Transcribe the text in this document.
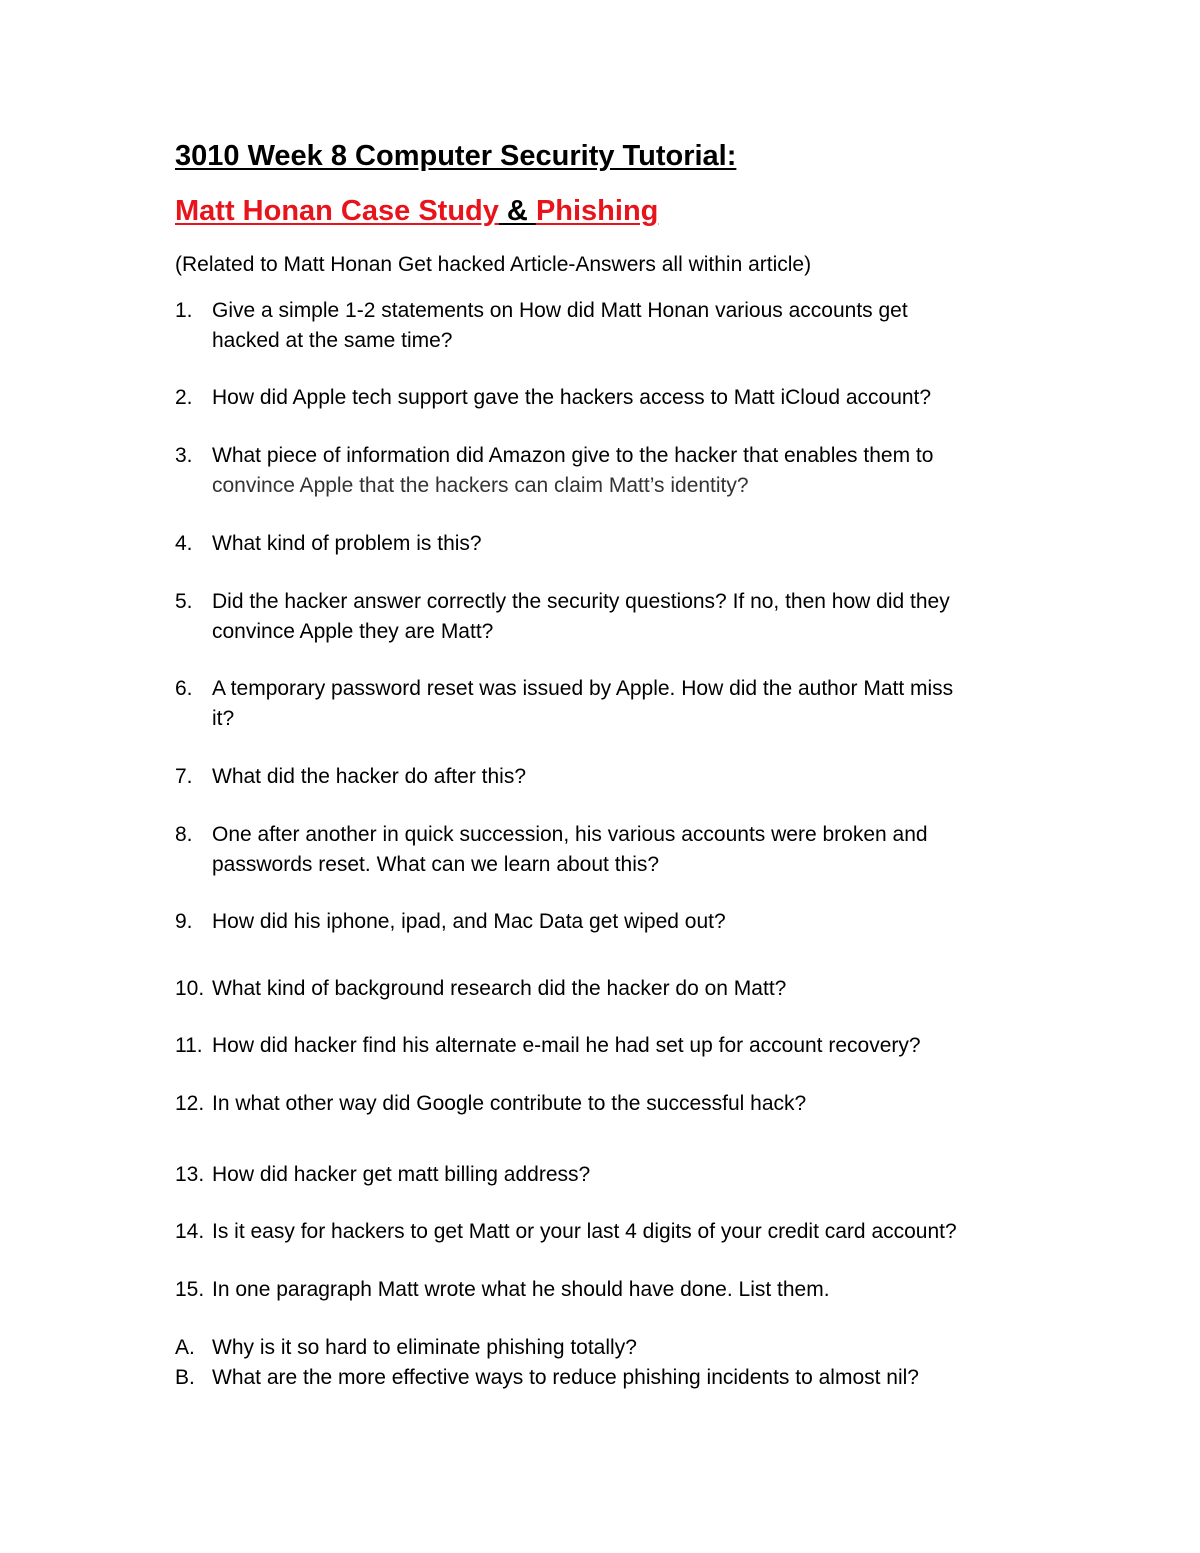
3010 Week 8 Computer Security Tutorial:
Matt Honan Case Study & Phishing

(Related to Matt Honan Get hacked Article-Answers all within article)

1. Give a simple 1-2 statements on How did Matt Honan various accounts get
hacked at the same time?
2. How did Apple tech support gave the hackers access to Matt iCloud account?
3. What piece of information did Amazon give to the hacker that enables them to
convince Apple that the hackers can claim Matt’s identity?
4. What kind of problem is this?
5. Did the hacker answer correctly the security questions? If no, then how did they
convince Apple they are Matt?
6. A temporary password reset was issued by Apple. How did the author Matt miss
it?
7. What did the hacker do after this?
8. One after another in quick succession, his various accounts were broken and
passwords reset. What can we learn about this?
9. How did his iphone, ipad, and Mac Data get wiped out?
10. What kind of background research did the hacker do on Matt?
11. How did hacker find his alternate e-mail he had set up for account recovery?
12. In what other way did Google contribute to the successful hack?
13. How did hacker get matt billing address?
14. Is it easy for hackers to get Matt or your last 4 digits of your credit card account?
15. In one paragraph Matt wrote what he should have done. List them.
A. Why is it so hard to eliminate phishing totally?
B. What are the more effective ways to reduce phishing incidents to almost nil?
